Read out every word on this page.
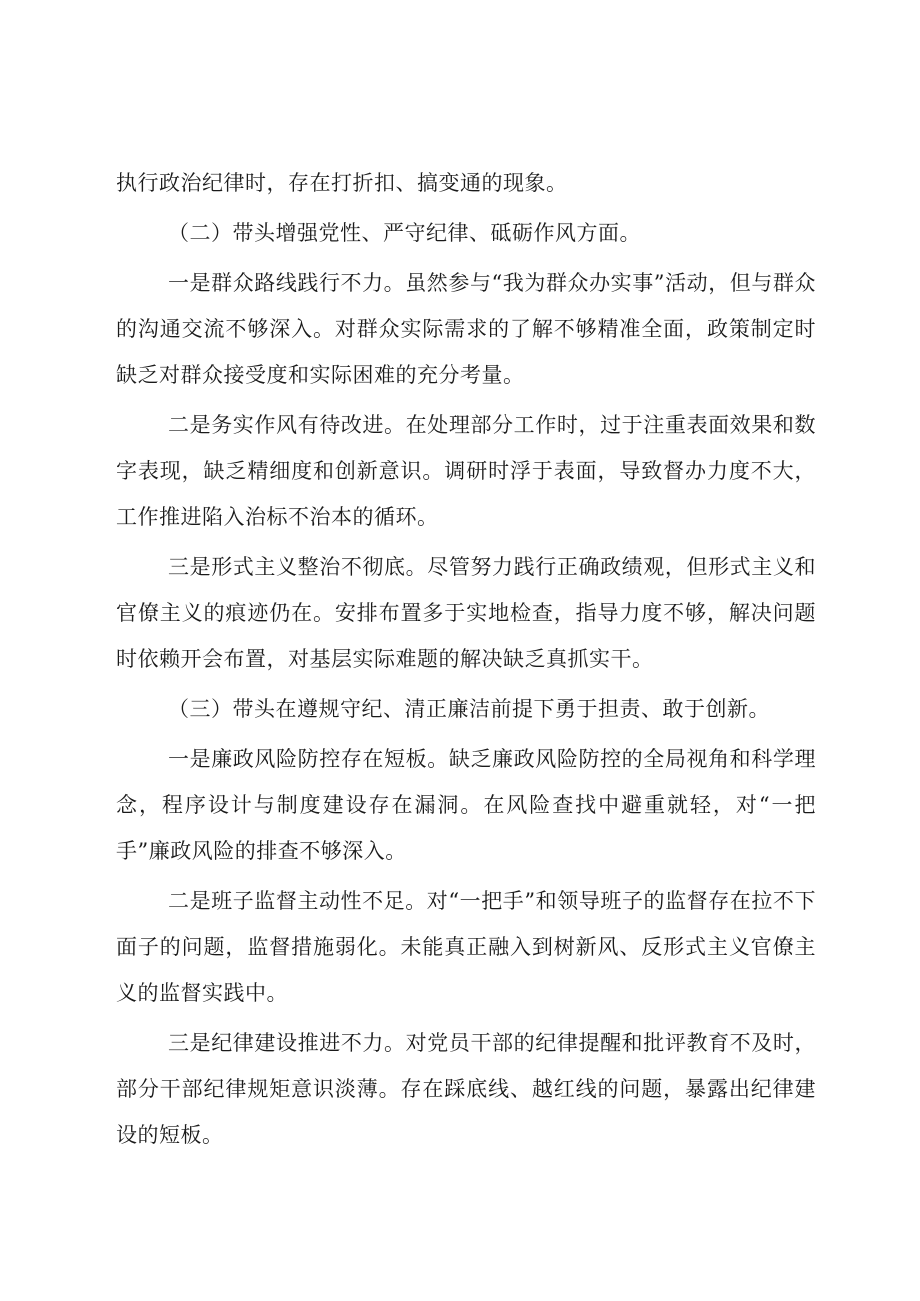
执行政治纪律时，存在打折扣、搞变通的现象。

（二）带头增强党性、严守纪律、砥砺作风方面。

一是群众路线践行不力。虽然参与“我为群众办实事”活动，但与群众的沟通交流不够深入。对群众实际需求的了解不够精准全面，政策制定时缺乏对群众接受度和实际困难的充分考量。

二是务实作风有待改进。在处理部分工作时，过于注重表面效果和数字表现，缺乏精细度和创新意识。调研时浮于表面，导致督办力度不大，工作推进陷入治标不治本的循环。

三是形式主义整治不彻底。尽管努力践行正确政绩观，但形式主义和官僚主义的痕迹仍在。安排布置多于实地检查，指导力度不够，解决问题时依赖开会布置，对基层实际难题的解决缺乏真抓实干。

（三）带头在遵规守纪、清正廉洁前提下勇于担责、敢于创新。

一是廉政风险防控存在短板。缺乏廉政风险防控的全局视角和科学理念，程序设计与制度建设存在漏洞。在风险查找中避重就轻，对“一把手”廉政风险的排查不够深入。

二是班子监督主动性不足。对“一把手”和领导班子的监督存在拉不下面子的问题，监督措施弱化。未能真正融入到树新风、反形式主义官僚主义的监督实践中。

三是纪律建设推进不力。对党员干部的纪律提醒和批评教育不及时，部分干部纪律规矩意识淡薄。存在踩底线、越红线的问题，暴露出纪律建设的短板。
